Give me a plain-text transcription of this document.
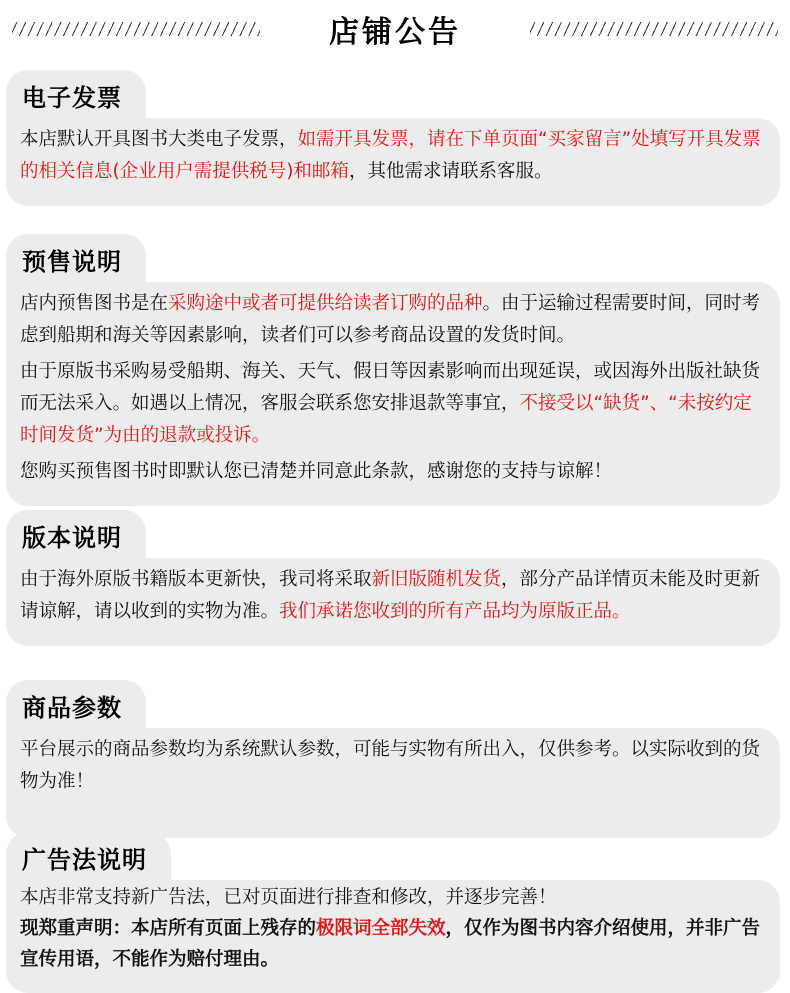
店铺公告
电子发票

本店默认开具图书大类电子发票，如需开具发票，请在下单页面“买家留言”处填写开具发票的相关信息(企业用户需提供税号)和邮箱，其他需求请联系客服。

预售说明

店内预售图书是在采购途中或者可提供给读者订购的品种。由于运输过程需要时间，同时考虑到船期和海关等因素影响，读者们可以参考商品设置的发货时间。

由于原版书采购易受船期、海关、天气、假日等因素影响而出现延误，或因海外出版社缺货而无法采入。如遇以上情况，客服会联系您安排退款等事宜，不接受以“缺货”、“未按约定时间发货”为由的退款或投诉。

您购买预售图书时即默认您已清楚并同意此条款，感谢您的支持与谅解！

版本说明

由于海外原版书籍版本更新快，我司将采取新旧版随机发货，部分产品详情页未能及时更新请谅解，请以收到的实物为准。我们承诺您收到的所有产品均为原版正品。

商品参数

平台展示的商品参数均为系统默认参数，可能与实物有所出入，仅供参考。以实际收到的货物为准！

广告法说明

本店非常支持新广告法，已对页面进行排查和修改，并逐步完善！

现郑重声明：本店所有页面上残存的极限词全部失效，仅作为图书内容介绍使用，并非广告宣传用语，不能作为赔付理由。
